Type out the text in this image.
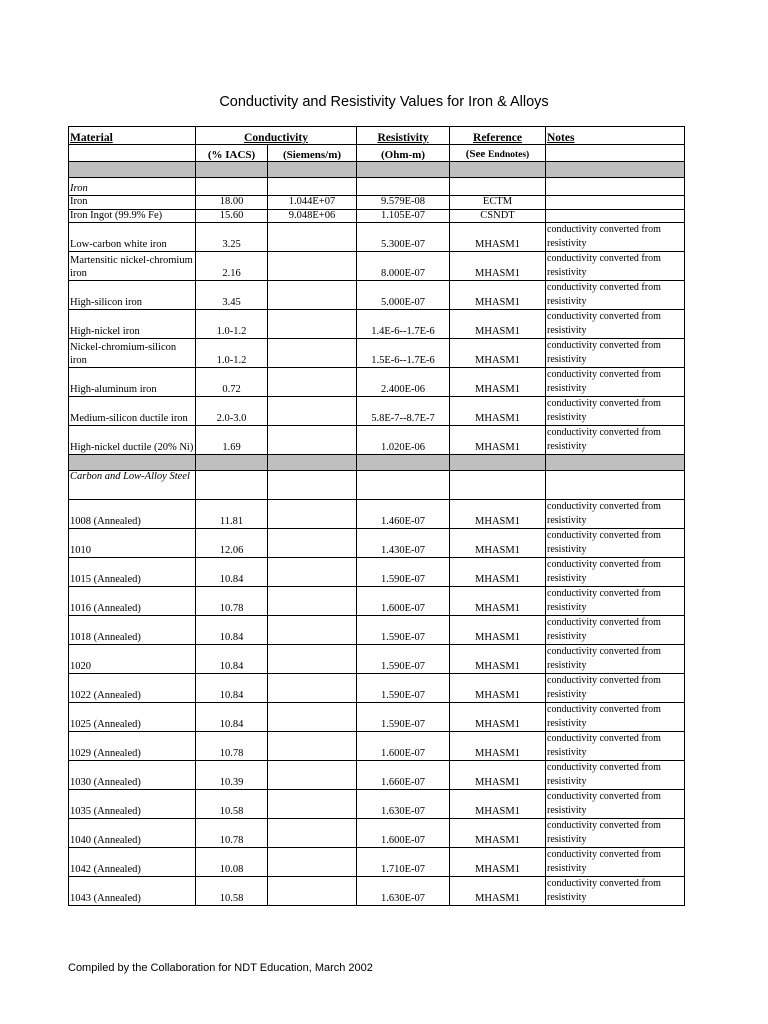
Conductivity and Resistivity Values for Iron & Alloys
Material	Conductivity		Resistivity	Reference	Notes
	(% IACS)	(Siemens/m)	(Ohm-m)	(See Endnotes)	

Iron					
Iron	18.00	1.044E+07	9.579E-08	ECTM	
Iron Ingot (99.9% Fe)	15.60	9.048E+06	1.105E-07	CSNDT	
Low-carbon white iron	3.25		5.300E-07	MHASM1	conductivity converted from resistivity
Martensitic nickel-chromium iron	2.16		8.000E-07	MHASM1	conductivity converted from resistivity
High-silicon iron	3.45		5.000E-07	MHASM1	conductivity converted from resistivity
High-nickel iron	1.0-1.2		1.4E-6--1.7E-6	MHASM1	conductivity converted from resistivity
Nickel-chromium-silicon iron	1.0-1.2		1.5E-6--1.7E-6	MHASM1	conductivity converted from resistivity
High-aluminum iron	0.72		2.400E-06	MHASM1	conductivity converted from resistivity
Medium-silicon ductile iron	2.0-3.0		5.8E-7--8.7E-7	MHASM1	conductivity converted from resistivity
High-nickel ductile (20% Ni)	1.69		1.020E-06	MHASM1	conductivity converted from resistivity

Carbon and Low-Alloy Steel					
1008 (Annealed)	11.81		1.460E-07	MHASM1	conductivity converted from resistivity
1010	12.06		1.430E-07	MHASM1	conductivity converted from resistivity
1015 (Annealed)	10.84		1.590E-07	MHASM1	conductivity converted from resistivity
1016 (Annealed)	10.78		1.600E-07	MHASM1	conductivity converted from resistivity
1018 (Annealed)	10.84		1.590E-07	MHASM1	conductivity converted from resistivity
1020	10.84		1.590E-07	MHASM1	conductivity converted from resistivity
1022 (Annealed)	10.84		1.590E-07	MHASM1	conductivity converted from resistivity
1025 (Annealed)	10.84		1.590E-07	MHASM1	conductivity converted from resistivity
1029 (Annealed)	10.78		1.600E-07	MHASM1	conductivity converted from resistivity
1030 (Annealed)	10.39		1.660E-07	MHASM1	conductivity converted from resistivity
1035 (Annealed)	10.58		1.630E-07	MHASM1	conductivity converted from resistivity
1040 (Annealed)	10.78		1.600E-07	MHASM1	conductivity converted from resistivity
1042 (Annealed)	10.08		1.710E-07	MHASM1	conductivity converted from resistivity
1043 (Annealed)	10.58		1.630E-07	MHASM1	conductivity converted from resistivity
Compiled by the Collaboration for NDT Education, March 2002
